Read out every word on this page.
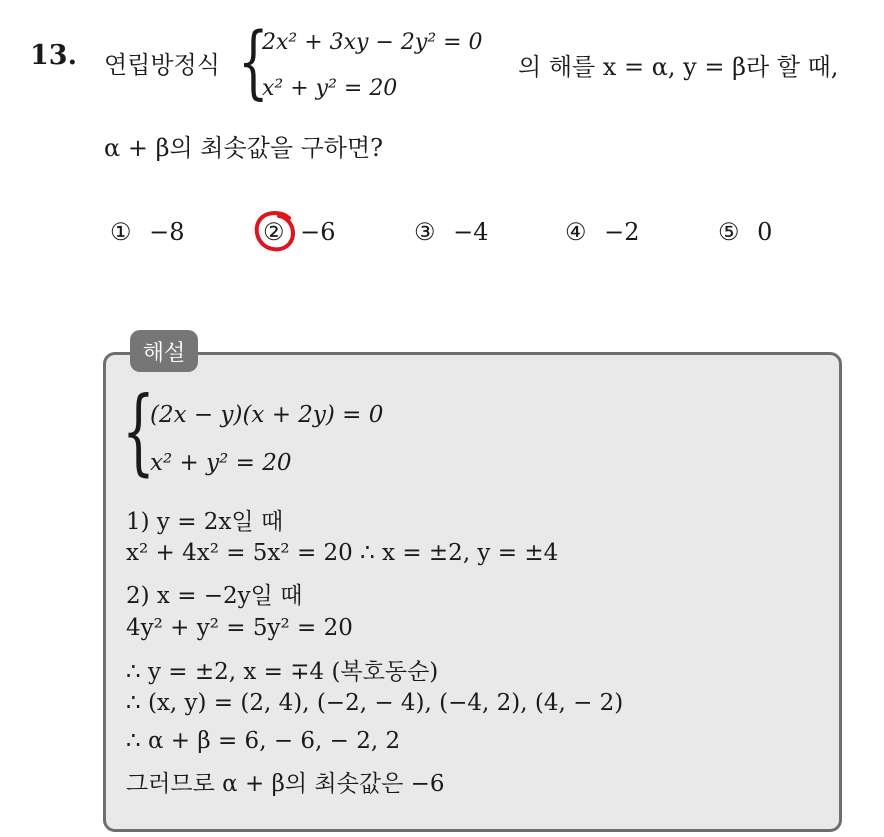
13. 연립방정식 {
2x² + 3xy − 2y² = 0
x² + y² = 20
의 해를 x = α, y = β라 할 때,
α + β의 최솟값을 구하면?
① −8	② −6	③ −4	④ −2	⑤ 0
해설
{
(2x − y)(x + 2y) = 0
x² + y² = 20
1) y = 2x일 때
x² + 4x² = 5x² = 20 ∴ x = ±2, y = ±4
2) x = −2y일 때
4y² + y² = 5y² = 20
∴ y = ±2, x = ∓4 (복호동순)
∴ (x, y) = (2, 4), (−2, − 4), (−4, 2), (4, − 2)
∴ α + β = 6, − 6, − 2, 2
그러므로 α + β의 최솟값은 −6
